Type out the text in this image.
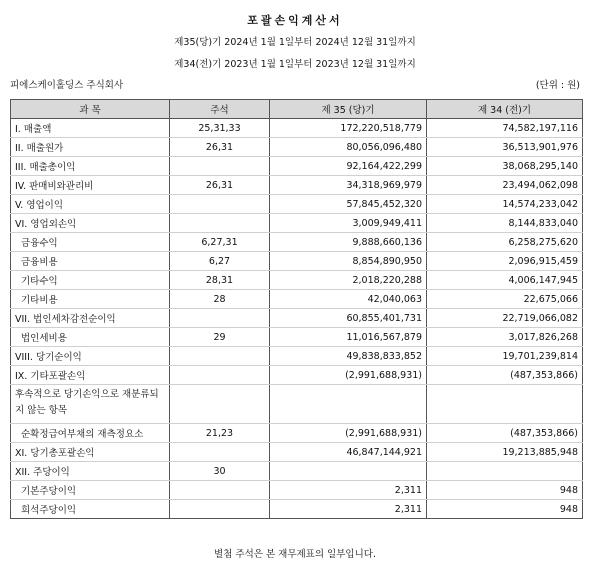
포괄손익계산서
제35(당)기 2024년 1월 1일부터 2024년 12월 31일까지
제34(전)기 2023년 1월 1일부터 2023년 12월 31일까지
피에스케이홀딩스 주식회사	(단위 : 원)
과 목	주석	제 35 (당)기	제 34 (전)기
I. 매출액	25,31,33	172,220,518,779	74,582,197,116
II. 매출원가	26,31	80,056,096,480	36,513,901,976
III. 매출총이익		92,164,422,299	38,068,295,140
IV. 판매비와관리비	26,31	34,318,969,979	23,494,062,098
V. 영업이익		57,845,452,320	14,574,233,042
VI. 영업외손익		3,009,949,411	8,144,833,040
금융수익	6,27,31	9,888,660,136	6,258,275,620
금융비용	6,27	8,854,890,950	2,096,915,459
기타수익	28,31	2,018,220,288	4,006,147,945
기타비용	28	42,040,063	22,675,066
VII. 법인세차감전순이익		60,855,401,731	22,719,066,082
법인세비용	29	11,016,567,879	3,017,826,268
VIII. 당기순이익		49,838,833,852	19,701,239,814
IX. 기타포괄손익		(2,991,688,931)	(487,353,866)
후속적으로 당기손익으로 재분류되지 않는 항목			
순확정급여부채의 재측정요소	21,23	(2,991,688,931)	(487,353,866)
XI. 당기총포괄손익		46,847,144,921	19,213,885,948
XII. 주당이익	30		
기본주당이익		2,311	948
희석주당이익		2,311	948
별첨 주석은 본 재무제표의 일부입니다.
